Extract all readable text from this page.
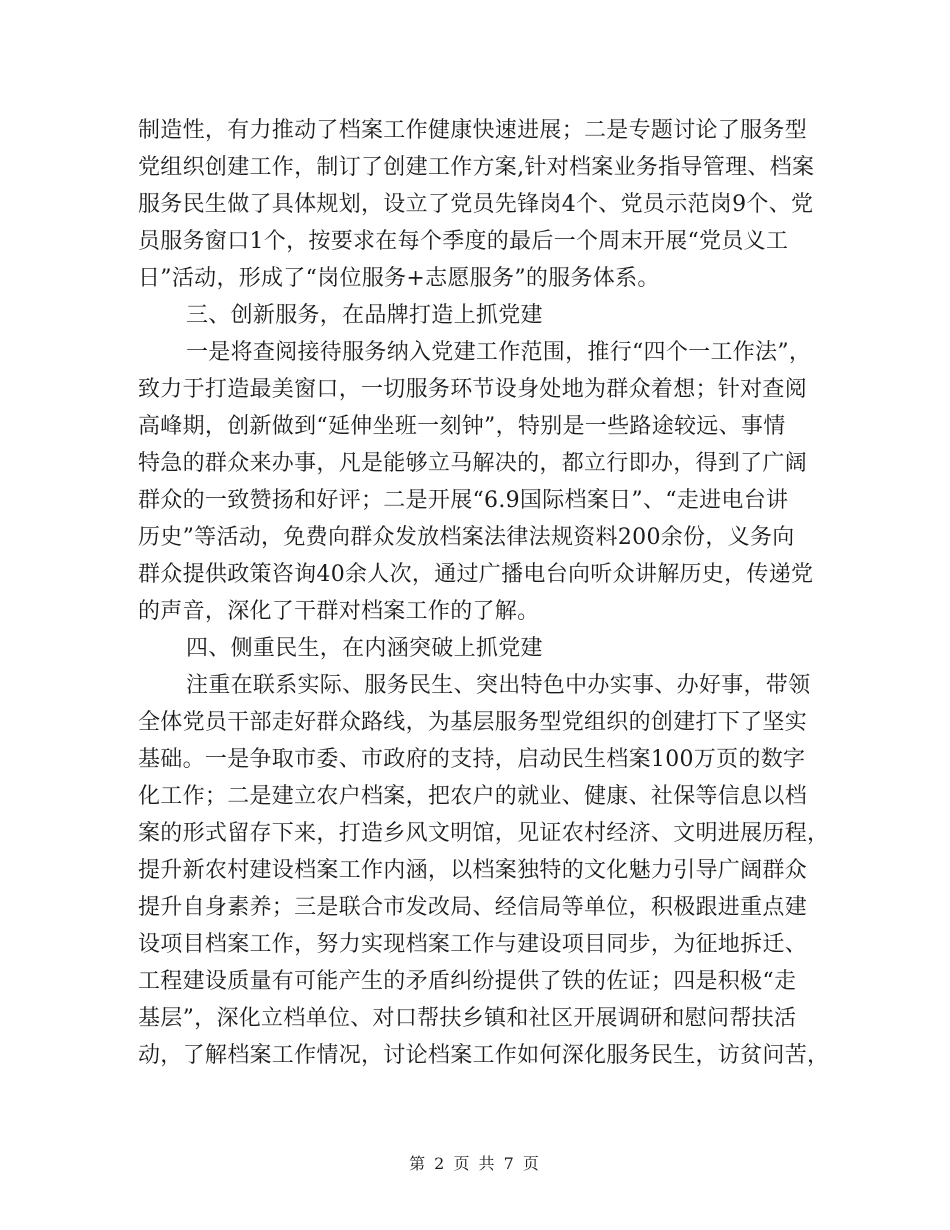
制造性，有力推动了档案工作健康快速进展；二是专题讨论了服务型
党组织创建工作，制订了创建工作方案,针对档案业务指导管理、档案
服务民生做了具体规划，设立了党员先锋岗4个、党员示范岗9个、党
员服务窗口1个，按要求在每个季度的最后一个周末开展“党员义工
日”活动，形成了“岗位服务+志愿服务”的服务体系。
三、创新服务，在品牌打造上抓党建
一是将查阅接待服务纳入党建工作范围，推行“四个一工作法”，
致力于打造最美窗口，一切服务环节设身处地为群众着想；针对查阅
高峰期，创新做到“延伸坐班一刻钟”，特别是一些路途较远、事情
特急的群众来办事，凡是能够立马解决的，都立行即办，得到了广阔
群众的一致赞扬和好评；二是开展“6.9国际档案日”、“走进电台讲
历史”等活动，免费向群众发放档案法律法规资料200余份，义务向
群众提供政策咨询40余人次，通过广播电台向听众讲解历史，传递党
的声音，深化了干群对档案工作的了解。
四、侧重民生，在内涵突破上抓党建
注重在联系实际、服务民生、突出特色中办实事、办好事，带领
全体党员干部走好群众路线，为基层服务型党组织的创建打下了坚实
基础。一是争取市委、市政府的支持，启动民生档案100万页的数字
化工作；二是建立农户档案，把农户的就业、健康、社保等信息以档
案的形式留存下来，打造乡风文明馆，见证农村经济、文明进展历程，
提升新农村建设档案工作内涵，以档案独特的文化魅力引导广阔群众
提升自身素养；三是联合市发改局、经信局等单位，积极跟进重点建
设项目档案工作，努力实现档案工作与建设项目同步，为征地拆迁、
工程建设质量有可能产生的矛盾纠纷提供了铁的佐证；四是积极“走
基层”，深化立档单位、对口帮扶乡镇和社区开展调研和慰问帮扶活
动，了解档案工作情况，讨论档案工作如何深化服务民生，访贫问苦，
第 2 页 共 7 页
